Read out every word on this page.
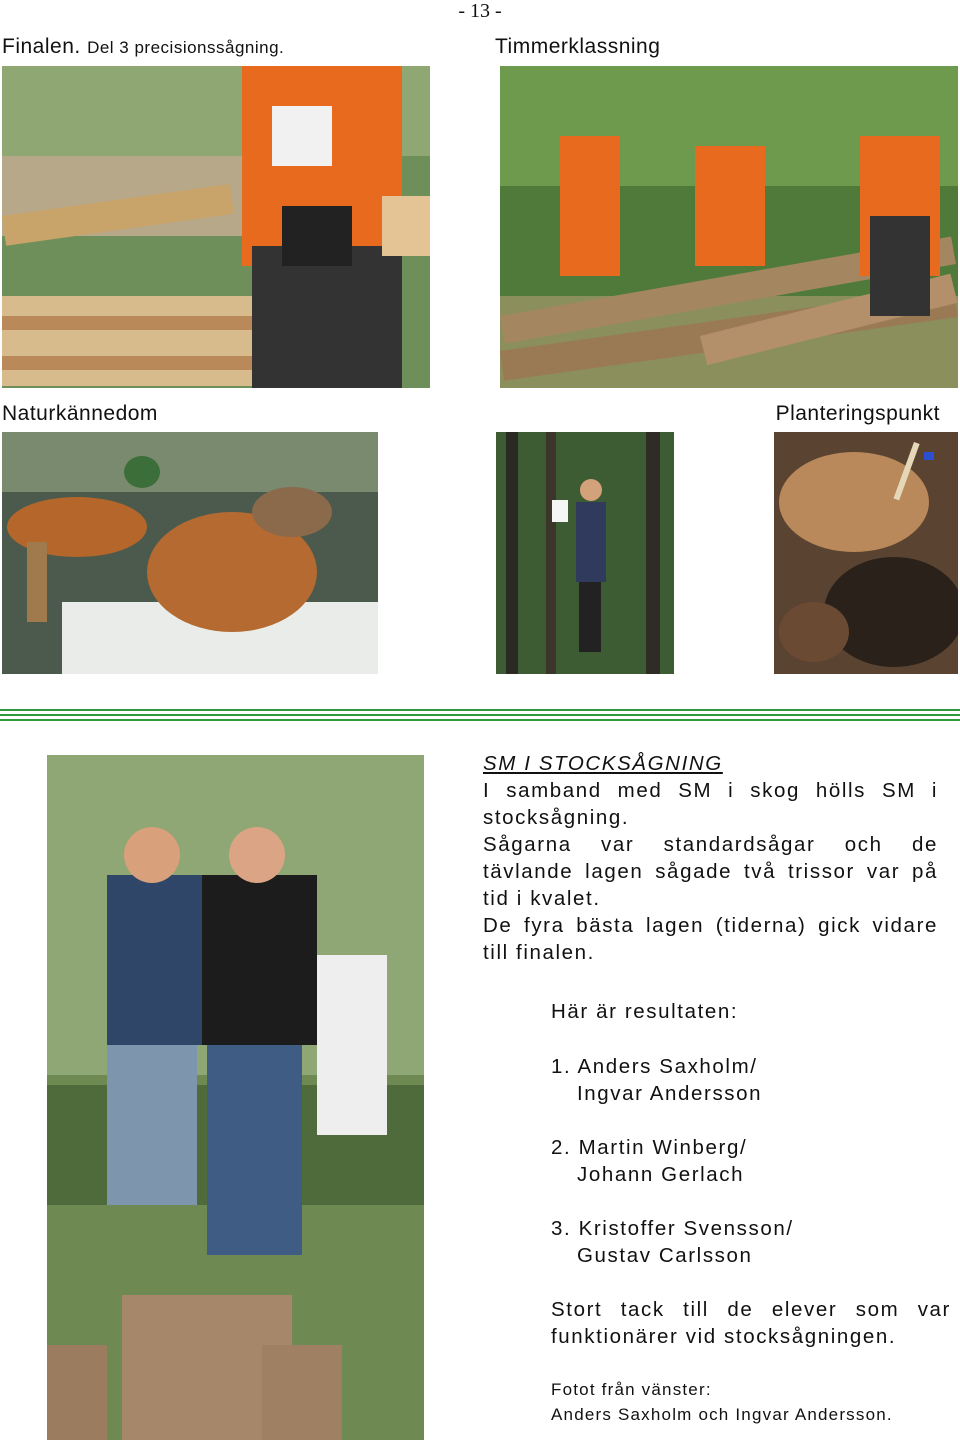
- 13 -
Finalen. Del 3 precisionssågning.	Timmerklassning
Naturkännedom	Planteringspunkt
SM I STOCKSÅGNING
I samband med SM i skog hölls SM i stocksågning.
Sågarna var standardsågar och de tävlande lagen sågade två trissor var på tid i kvalet.
De fyra bästa lagen (tiderna) gick vidare till finalen.
Här är resultaten:
1. Anders Saxholm/
Ingvar Andersson
2. Martin Winberg/
Johann Gerlach
3. Kristoffer Svensson/
Gustav Carlsson
Stort tack till de elever som var funktionärer vid stocksågningen.
Fotot från vänster:
Anders Saxholm och Ingvar Andersson.
